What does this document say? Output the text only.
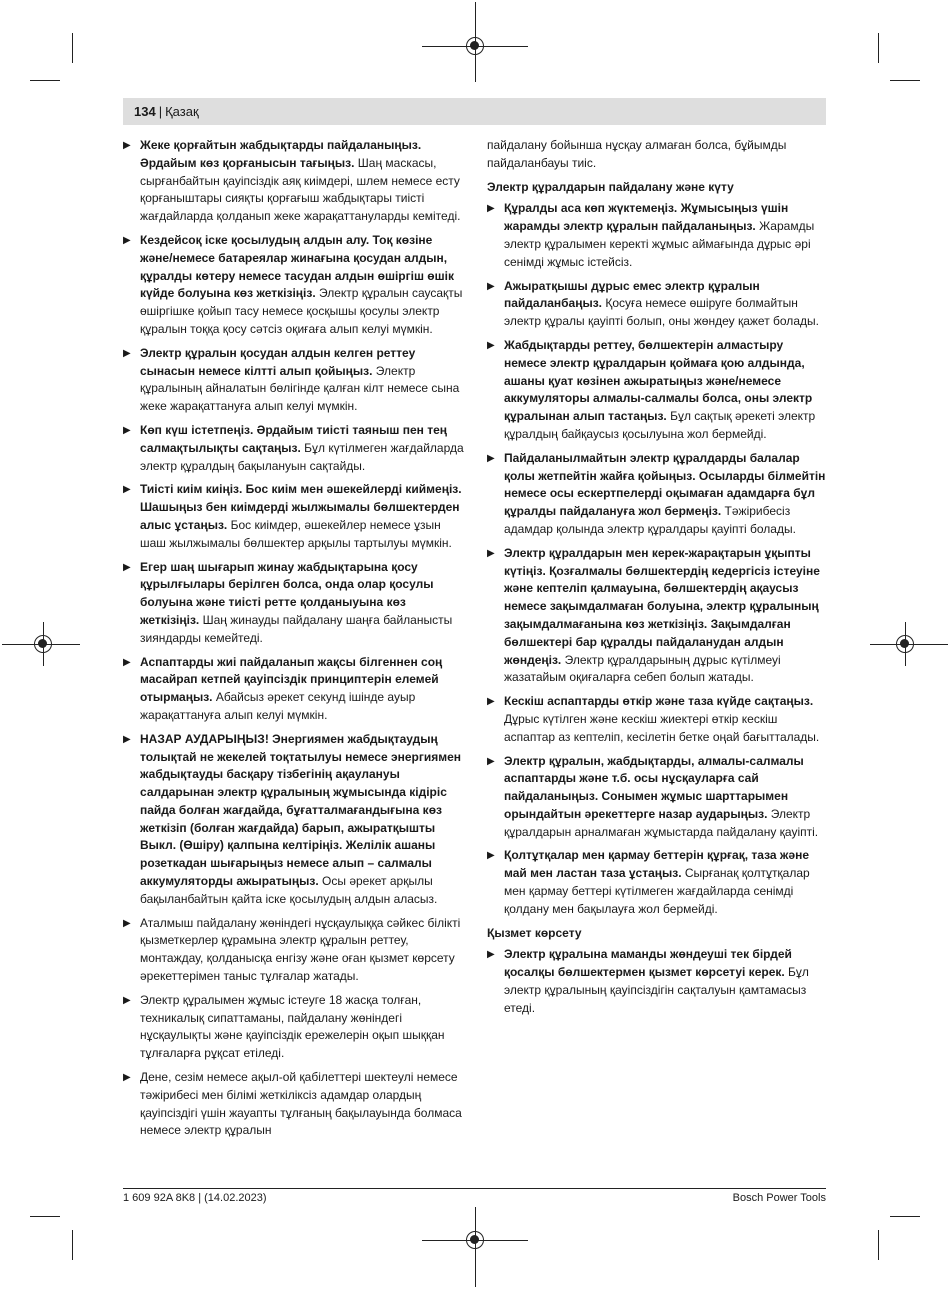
134 | Қазақ
▶ Жеке қорғайтын жабдықтарды пайдаланыңыз. Әрдайым көз қорғанысын тағыңыз. Шаң маскасы, сырғанбайтын қауіпсіздік аяқ киімдері, шлем немесе есту қорғаныштары сияқты қорғағыш жабдықтары тиісті жағдайларда қолданып жеке жарақаттануларды кемітеді.
▶ Кездейсоқ іске қосылудың алдын алу. Тоқ көзіне және/немесе батареялар жинағына қосудан алдын, құралды көтеру немесе тасудан алдын өшіргіш өшік күйде болуына көз жеткізіңіз. Электр құралын саусақты өшіргішке қойып тасу немесе қосқышы қосулы электр құралын тоққа қосу сәтсіз оқиғаға алып келуі мүмкін.
▶ Электр құралын қосудан алдын келген реттеу сынасын немесе кілтті алып қойыңыз. Электр құралының айналатын бөлігінде қалған кілт немесе сына жеке жарақаттануға алып келуі мүмкін.
▶ Көп күш істетпеңіз. Әрдайым тиісті таяныш пен тең салмақтылықты сақтаңыз. Бұл күтілмеген жағдайларда электр құралдың бақылануын сақтайды.
▶ Тиісті киім киіңіз. Бос киім мен әшекейлерді киймеңіз. Шашыңыз бен киімдерді жылжымалы бөлшектерден алыс ұстаңыз. Бос киімдер, әшекейлер немесе ұзын шаш жылжымалы бөлшектер арқылы тартылуы мүмкін.
▶ Егер шаң шығарып жинау жабдықтарына қосу құрылғылары берілген болса, онда олар қосулы болуына және тиісті ретте қолданыуына көз жеткізіңіз. Шаң жинауды пайдалану шаңға байланысты зияндарды кемейтеді.
▶ Аспаптарды жиі пайдаланып жақсы білгеннен соң масайрап кетпей қауіпсіздік принциптерін елемей отырмаңыз. Абайсыз әрекет секунд ішінде ауыр жарақаттануға алып келуі мүмкін.
▶ НАЗАР АУДАРЫҢЫЗ! Энергиямен жабдықтаудың толықтай не жекелей тоқтатылуы немесе энергиямен жабдықтауды басқару тізбегінің ақаулануы салдарынан электр құралының жұмысында кідіріс пайда болған жағдайда, бұғатталмағандығына көз жеткізіп (болған жағдайда) барып, ажыратқышты Выкл. (Өшіру) қалпына келтіріңіз. Желілік ашаны розеткадан шығарыңыз немесе алып – салмалы аккумуляторды ажыратыңыз. Осы әрекет арқылы бақыланбайтын қайта іске қосылудың алдын аласыз.
▶ Аталмыш пайдалану жөніндегі нұсқаулыққа сәйкес білікті қызметкерлер құрамына электр құралын реттеу, монтаждау, қолданысқа енгізу және оған қызмет көрсету әрекеттерімен таныс тұлғалар жатады.
▶ Электр құралымен жұмыс істеуге 18 жасқа толған, техникалық сипаттаманы, пайдалану жөніндегі нұсқаулықты және қауіпсіздік ережелерін оқып шыққан тұлғаларға рұқсат етіледі.
▶ Дене, сезім немесе ақыл-ой қабілеттері шектеулі немесе тәжірибесі мен білімі жеткіліксіз адамдар олардың қауіпсіздігі үшін жауапты тұлғаның бақылауында болмаса немесе электр құралын
пайдалану бойынша нұсқау алмаған болса, бұйымды пайдаланбауы тиіс.
Электр құралдарын пайдалану және күту
▶ Құралды аса көп жүктемеңіз. Жұмысыңыз үшін жарамды электр құралын пайдаланыңыз. Жарамды электр құралымен керекті жұмыс аймағында дұрыс әрі сенімді жұмыс істейсіз.
▶ Ажыратқышы дұрыс емес электр құралын пайдаланбаңыз. Қосуға немесе өшіруге болмайтын электр құралы қауіпті болып, оны жөндеу қажет болады.
▶ Жабдықтарды реттеу, бөлшектерін алмастыру немесе электр құралдарын қоймаға қою алдында, ашаны қуат көзінен ажыратыңыз және/немесе аккумуляторы алмалы-салмалы болса, оны электр құралынан алып тастаңыз. Бұл сақтық әрекеті электр құралдың байқаусыз қосылуына жол бермейді.
▶ Пайдаланылмайтын электр құралдарды балалар қолы жетпейтін жайға қойыңыз. Осыларды білмейтін немесе осы ескертпелерді оқымаған адамдарға бұл құралды пайдалануға жол бермеңіз. Тәжірибесіз адамдар қолында электр құралдары қауіпті болады.
▶ Электр құралдарын мен керек-жарақтарын ұқыпты күтіңіз. Қозғалмалы бөлшектердің кедергісіз істеуіне және кептеліп қалмауына, бөлшектердің ақаусыз немесе зақымдалмаған болуына, электр құралының зақымдалмағанына көз жеткізіңіз. Зақымдалған бөлшектері бар құралды пайдаланудан алдын жөндеңіз. Электр құралдарының дұрыс күтілмеуі жазатайым оқиғаларға себеп болып жатады.
▶ Кескіш аспаптарды өткір және таза күйде сақтаңыз. Дұрыс күтілген және кескіш жиектері өткір кескіш аспаптар аз кептеліп, кесілетін бетке оңай бағытталады.
▶ Электр құралын, жабдықтарды, алмалы-салмалы аспаптарды және т.б. осы нұсқауларға сай пайдаланыңыз. Сонымен жұмыс шарттарымен орындайтын әрекеттерге назар аударыңыз. Электр құралдарын арналмаған жұмыстарда пайдалану қауіпті.
▶ Қолтұтқалар мен қармау беттерін құрғақ, таза және май мен ластан таза ұстаңыз. Сырғанақ қолтұтқалар мен қармау беттері күтілмеген жағдайларда сенімді қолдану мен бақылауға жол бермейді.
Қызмет көрсету
▶ Электр құралына маманды жөндеуші тек бірдей қосалқы бөлшектермен қызмет көрсетуі керек. Бұл электр құралының қауіпсіздігін сақталуын қамтамасыз етеді.
1 609 92A 8K8 | (14.02.2023)	Bosch Power Tools
